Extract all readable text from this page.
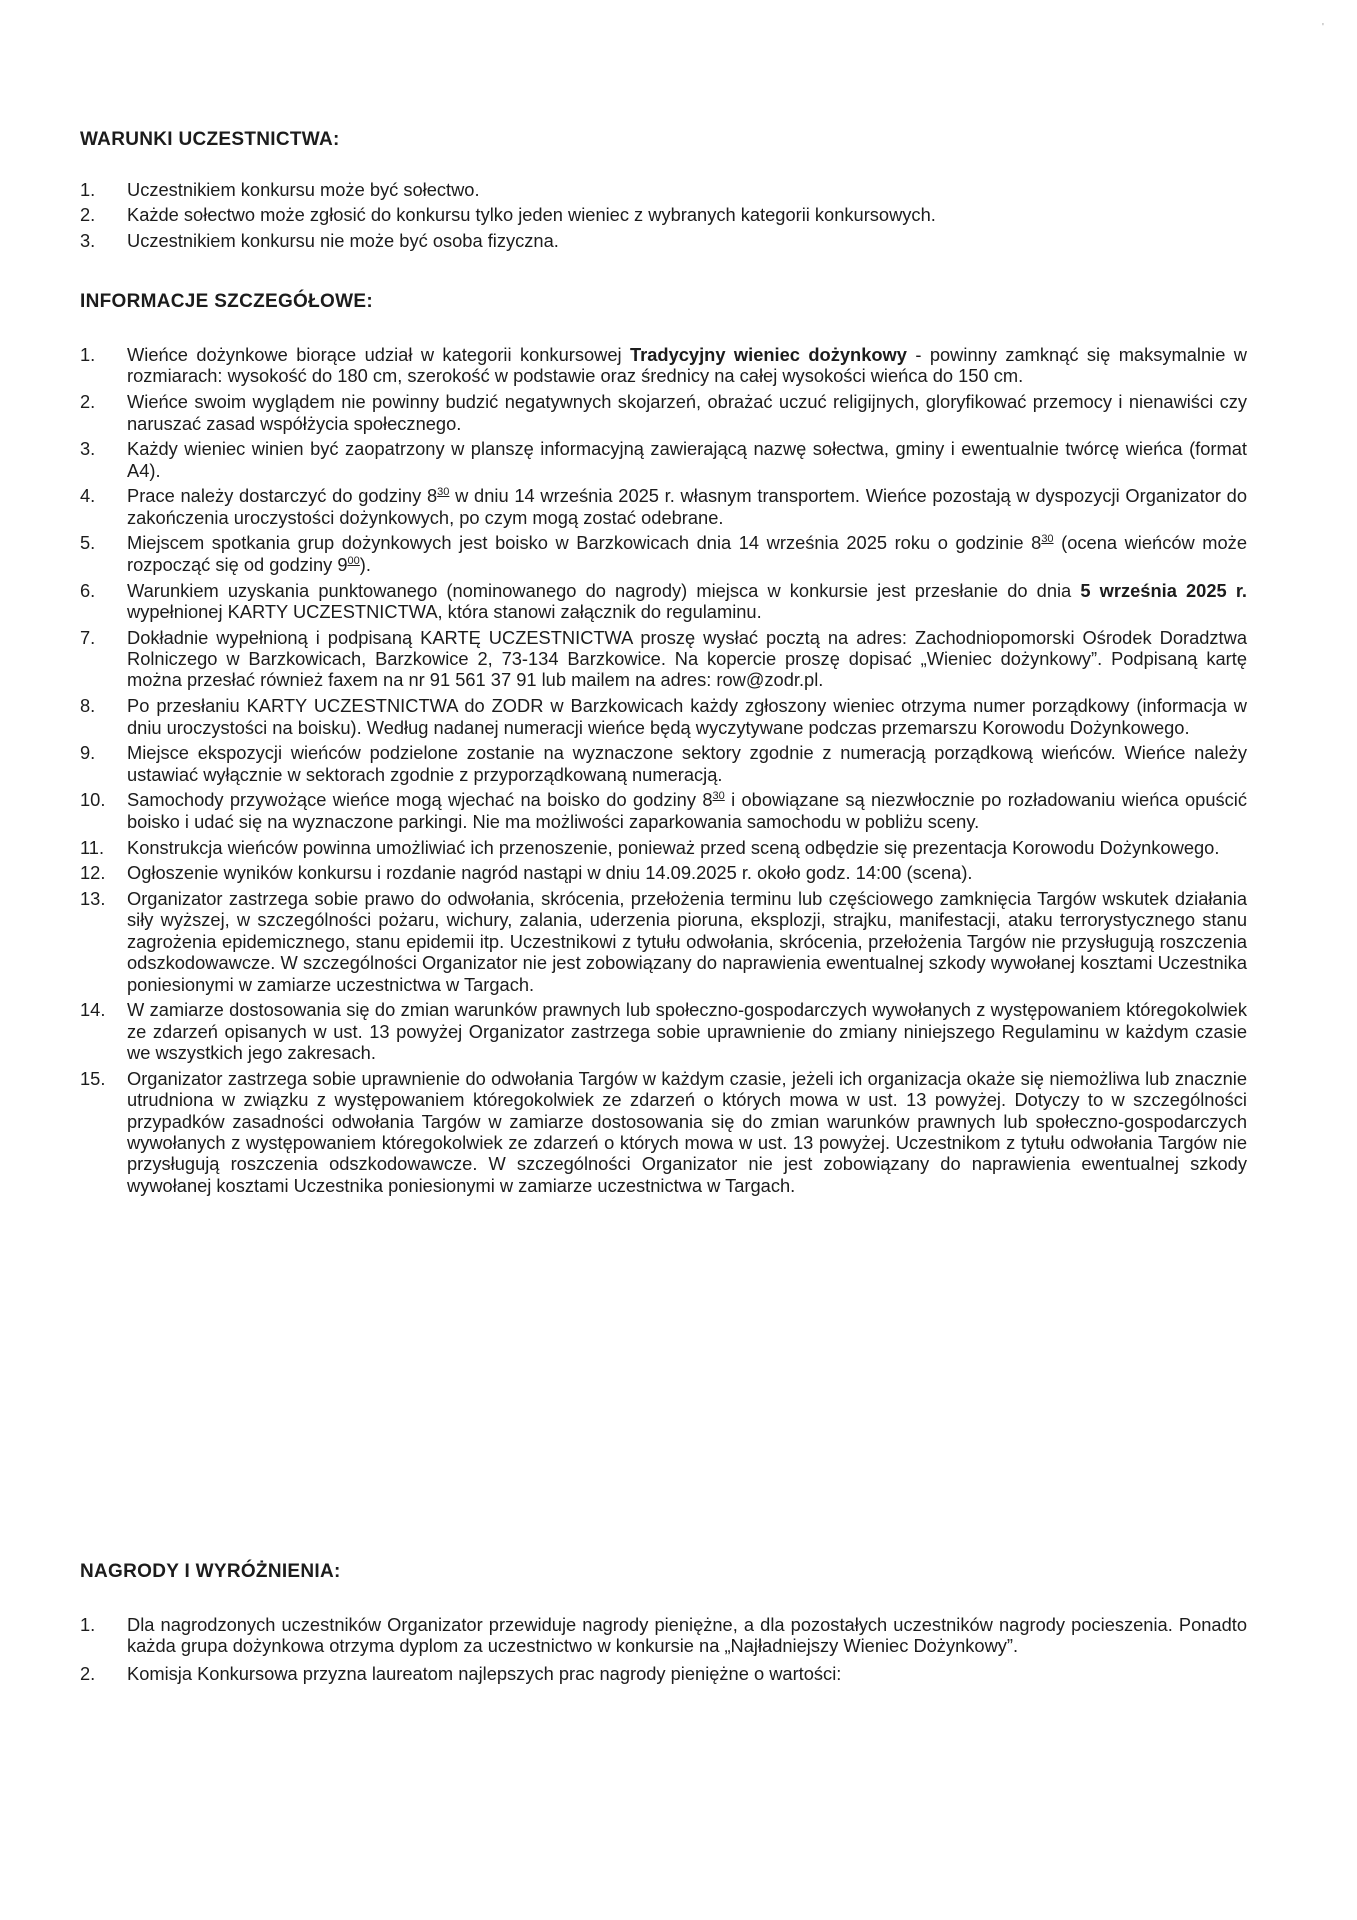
'
WARUNKI UCZESTNICTWA:
1. Uczestnikiem konkursu może być sołectwo.
2. Każde sołectwo może zgłosić do konkursu tylko jeden wieniec z wybranych kategorii konkursowych.
3. Uczestnikiem konkursu nie może być osoba fizyczna.
INFORMACJE SZCZEGÓŁOWE:
1. Wieńce dożynkowe biorące udział w kategorii konkursowej Tradycyjny wieniec dożynkowy - powinny zamknąć się maksymalnie w rozmiarach: wysokość do 180 cm, szerokość w podstawie oraz średnicy na całej wysokości wieńca do 150 cm.
2. Wieńce swoim wyglądem nie powinny budzić negatywnych skojarzeń, obrażać uczuć religijnych, gloryfikować przemocy i nienawiści czy naruszać zasad współżycia społecznego.
3. Każdy wieniec winien być zaopatrzony w planszę informacyjną zawierającą nazwę sołectwa, gminy i ewentualnie twórcę wieńca (format A4).
4. Prace należy dostarczyć do godziny $8^{30}$ w dniu 14 września 2025 r. własnym transportem. Wieńce pozostają w dyspozycji Organizator do zakończenia uroczystości dożynkowych, po czym mogą zostać odebrane.
5. Miejscem spotkania grup dożynkowych jest boisko w Barzkowicach dnia 14 września 2025 roku o godzinie $8^{30}$ (ocena wieńców może rozpocząć się od godziny $9^{00}$).
6. Warunkiem uzyskania punktowanego (nominowanego do nagrody) miejsca w konkursie jest przesłanie do dnia 5 września 2025 r. wypełnionej KARTY UCZESTNICTWA, która stanowi załącznik do regulaminu.
7. Dokładnie wypełnioną i podpisaną KARTĘ UCZESTNICTWA proszę wysłać pocztą na adres: Zachodniopomorski Ośrodek Doradztwa Rolniczego w Barzkowicach, Barzkowice 2, 73-134 Barzkowice. Na kopercie proszę dopisać „Wieniec dożynkowy”. Podpisaną kartę można przesłać również faxem na nr 91 561 37 91 lub mailem na adres: row@zodr.pl.
8. Po przesłaniu KARTY UCZESTNICTWA do ZODR w Barzkowicach każdy zgłoszony wieniec otrzyma numer porządkowy (informacja w dniu uroczystości na boisku). Według nadanej numeracji wieńce będą wyczytywane podczas przemarszu Korowodu Dożynkowego.
9. Miejsce ekspozycji wieńców podzielone zostanie na wyznaczone sektory zgodnie z numeracją porządkową wieńców. Wieńce należy ustawiać wyłącznie w sektorach zgodnie z przyporządkowaną numeracją.
10. Samochody przywożące wieńce mogą wjechać na boisko do godziny $8^{30}$ i obowiązane są niezwłocznie po rozładowaniu wieńca opuścić boisko i udać się na wyznaczone parkingi. Nie ma możliwości zaparkowania samochodu w pobliżu sceny.
11. Konstrukcja wieńców powinna umożliwiać ich przenoszenie, ponieważ przed sceną odbędzie się prezentacja Korowodu Dożynkowego.
12. Ogłoszenie wyników konkursu i rozdanie nagród nastąpi w dniu 14.09.2025 r. około godz. 14:00 (scena).
13. Organizator zastrzega sobie prawo do odwołania, skrócenia, przełożenia terminu lub częściowego zamknięcia Targów wskutek działania siły wyższej, w szczególności pożaru, wichury, zalania, uderzenia pioruna, eksplozji, strajku, manifestacji, ataku terrorystycznego stanu zagrożenia epidemicznego, stanu epidemii itp. Uczestnikowi z tytułu odwołania, skrócenia, przełożenia Targów nie przysługują roszczenia odszkodowawcze. W szczególności Organizator nie jest zobowiązany do naprawienia ewentualnej szkody wywołanej kosztami Uczestnika poniesionymi w zamiarze uczestnictwa w Targach.
14. W zamiarze dostosowania się do zmian warunków prawnych lub społeczno-gospodarczych wywołanych z występowaniem któregokolwiek ze zdarzeń opisanych w ust. 13 powyżej Organizator zastrzega sobie uprawnienie do zmiany niniejszego Regulaminu w każdym czasie we wszystkich jego zakresach.
15. Organizator zastrzega sobie uprawnienie do odwołania Targów w każdym czasie, jeżeli ich organizacja okaże się niemożliwa lub znacznie utrudniona w związku z występowaniem któregokolwiek ze zdarzeń o których mowa w ust. 13 powyżej. Dotyczy to w szczególności przypadków zasadności odwołania Targów w zamiarze dostosowania się do zmian warunków prawnych lub społeczno-gospodarczych wywołanych z występowaniem któregokolwiek ze zdarzeń o których mowa w ust. 13 powyżej. Uczestnikom z tytułu odwołania Targów nie przysługują roszczenia odszkodowawcze. W szczególności Organizator nie jest zobowiązany do naprawienia ewentualnej szkody wywołanej kosztami Uczestnika poniesionymi w zamiarze uczestnictwa w Targach.
NAGRODY I WYRÓŻNIENIA:
1. Dla nagrodzonych uczestników Organizator przewiduje nagrody pieniężne, a dla pozostałych uczestników nagrody pocieszenia. Ponadto każda grupa dożynkowa otrzyma dyplom za uczestnictwo w konkursie na „Najładniejszy Wieniec Dożynkowy”.
2. Komisja Konkursowa przyzna laureatom najlepszych prac nagrody pieniężne o wartości:
